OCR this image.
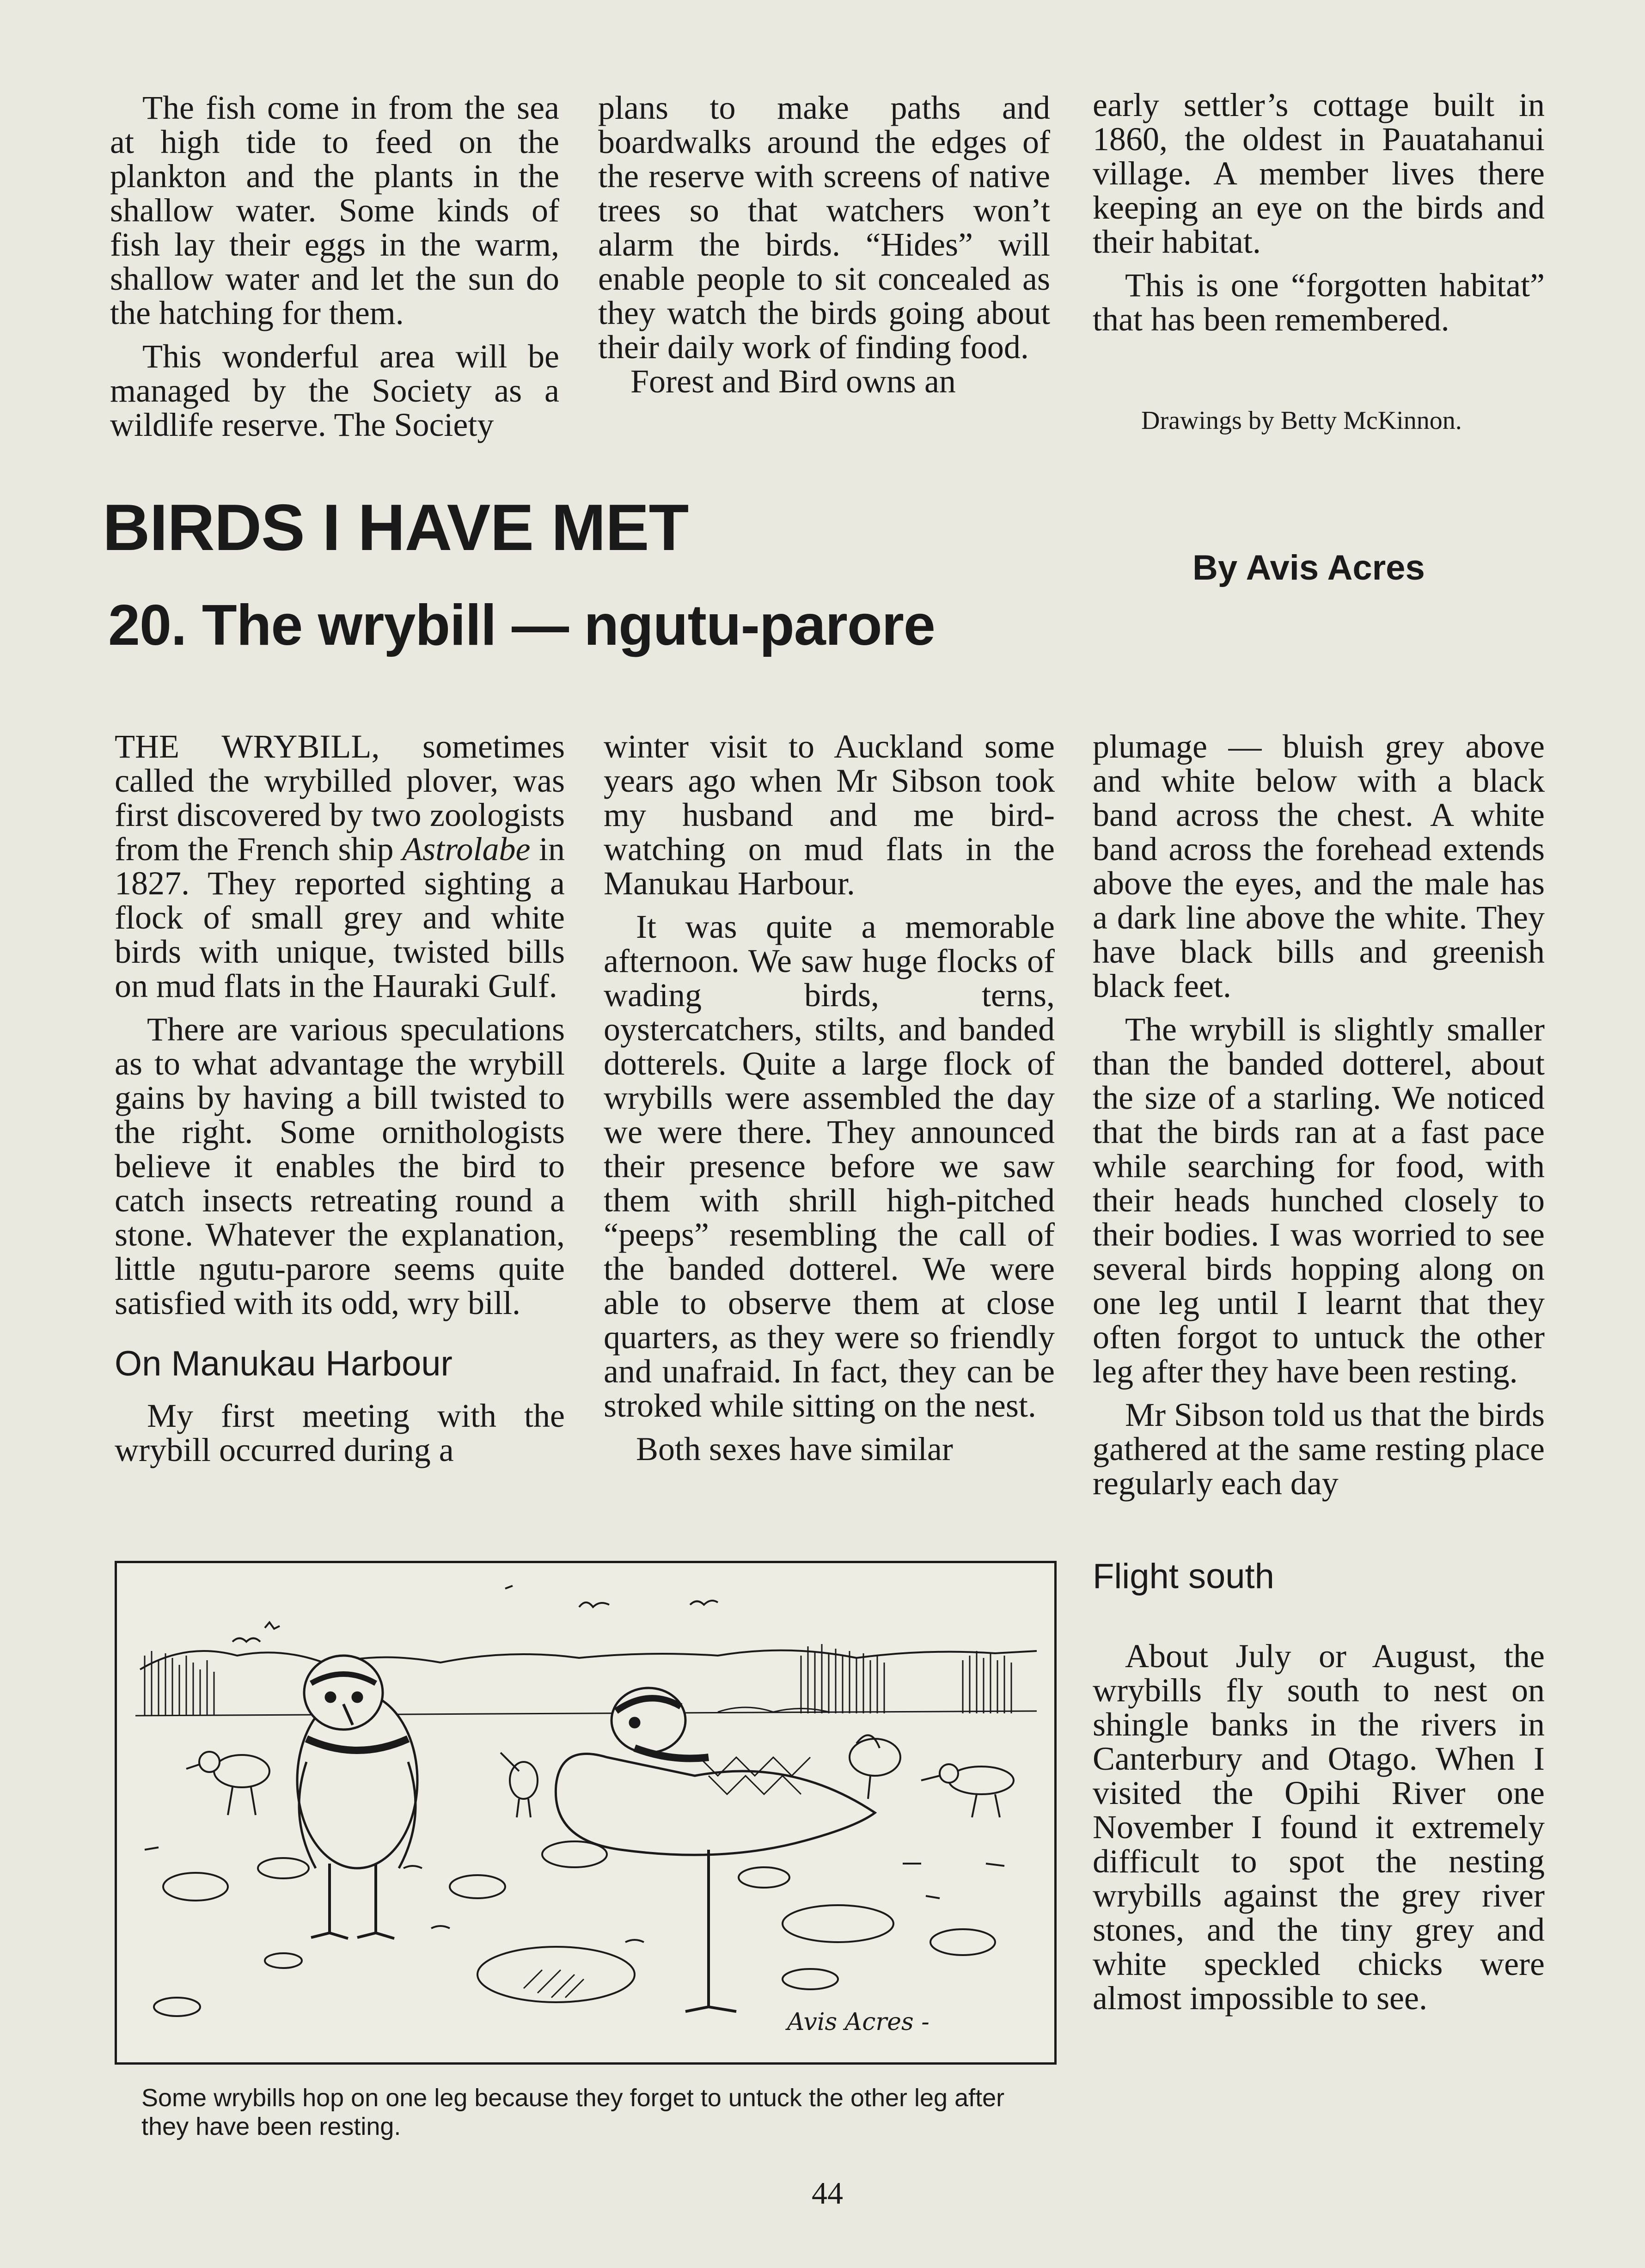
The fish come in from the sea at high tide to feed on the plankton and the plants in the shallow water. Some kinds of fish lay their eggs in the warm, shallow water and let the sun do the hatching for them.

This wonderful area will be managed by the Society as a wildlife reserve. The Society

plans to make paths and boardwalks around the edges of the reserve with screens of native trees so that watchers won’t alarm the birds. “Hides” will enable people to sit concealed as they watch the birds going about their daily work of finding food.

Forest and Bird owns an

early settler’s cottage built in 1860, the oldest in Pauatahanui village. A member lives there keeping an eye on the birds and their habitat.

This is one “forgotten habitat” that has been remembered.

Drawings by Betty McKinnon.
BIRDS I HAVE MET
20. The wrybill — ngutu-parore
By Avis Acres

THE WRYBILL, sometimes called the wrybilled plover, was first discovered by two zoologists from the French ship Astrolabe in 1827. They reported sighting a flock of small grey and white birds with unique, twisted bills on mud flats in the Hauraki Gulf.

There are various speculations as to what advantage the wrybill gains by having a bill twisted to the right. Some ornithologists believe it enables the bird to catch insects retreating round a stone. Whatever the explanation, little ngutu-parore seems quite satisfied with its odd, wry bill.

On Manukau Harbour

My first meeting with the wrybill occurred during a

winter visit to Auckland some years ago when Mr Sibson took my husband and me bird-watching on mud flats in the Manukau Harbour.

It was quite a memorable afternoon. We saw huge flocks of wading birds, terns, oystercatchers, stilts, and banded dotterels. Quite a large flock of wrybills were assembled the day we were there. They announced their presence before we saw them with shrill high-pitched “peeps” resembling the call of the banded dotterel. We were able to observe them at close quarters, as they were so friendly and unafraid. In fact, they can be stroked while sitting on the nest.

Both sexes have similar

plumage — bluish grey above and white below with a black band across the chest. A white band across the forehead extends above the eyes, and the male has a dark line above the white. They have black bills and greenish black feet.

The wrybill is slightly smaller than the banded dotterel, about the size of a starling. We noticed that the birds ran at a fast pace while searching for food, with their heads hunched closely to their bodies. I was worried to see several birds hopping along on one leg until I learnt that they often forgot to untuck the other leg after they have been resting.

Mr Sibson told us that the birds gathered at the same resting place regularly each day

Flight south

About July or August, the wrybills fly south to nest on shingle banks in the rivers in Canterbury and Otago. When I visited the Opihi River one November I found it extremely difficult to spot the nesting wrybills against the grey river stones, and the tiny grey and white speckled chicks were almost impossible to see.

Avis Acres -
Some wrybills hop on one leg because they forget to untuck the other leg after they have been resting.
44
